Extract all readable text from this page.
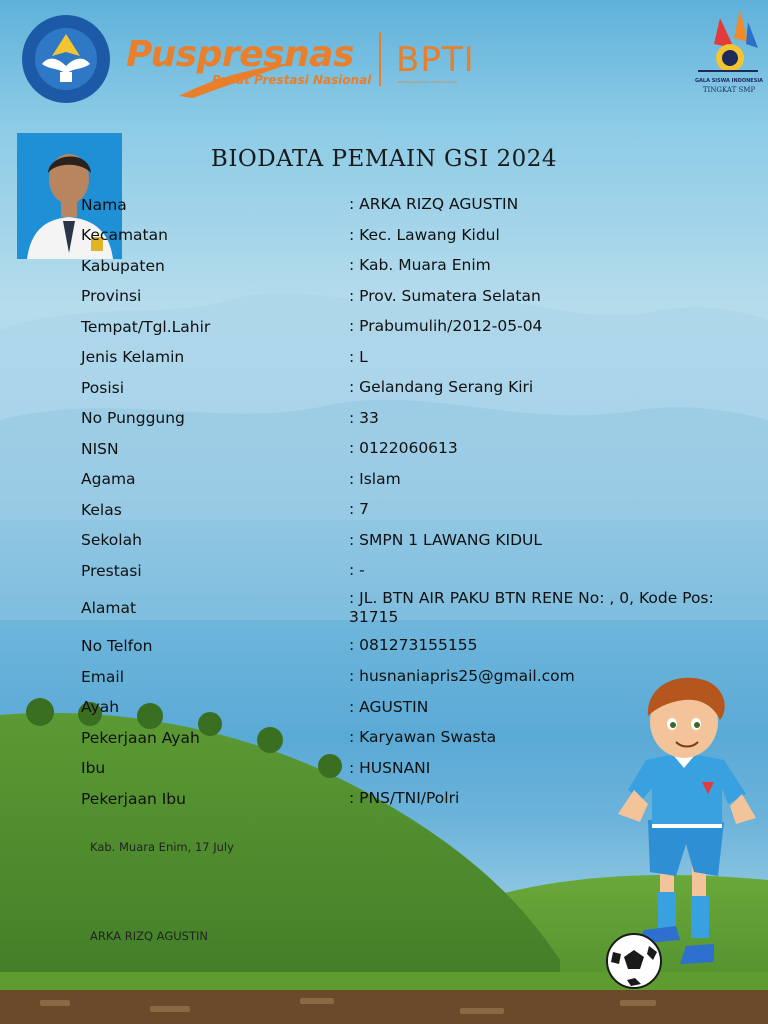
Puspresnas
Pusat Prestasi Nasional BPTI
Balai Pengembangan Talenta Indonesia	GALA SISWA INDONESIA
TINGKAT SMP
BIODATA PEMAIN GSI 2024
Nama	: ARKA RIZQ AGUSTIN
Kecamatan	: Kec. Lawang Kidul
Kabupaten	: Kab. Muara Enim
Provinsi	: Prov. Sumatera Selatan
Tempat/Tgl.Lahir	: Prabumulih/2012-05-04
Jenis Kelamin	: L
Posisi	: Gelandang Serang Kiri
No Punggung	: 33
NISN	: 0122060613
Agama	: Islam
Kelas	: 7
Sekolah	: SMPN 1 LAWANG KIDUL
Prestasi	: -
Alamat
: JL. BTN AIR PAKU BTN RENE No: , 0, Kode Pos: 31715
No Telfon	: 081273155155
Email	: husnaniapris25@gmail.com
Ayah	: AGUSTIN
Pekerjaan Ayah	: Karyawan Swasta
Ibu	: HUSNANI
Pekerjaan Ibu	: PNS/TNI/Polri
Kab. Muara Enim, 17 July
ARKA RIZQ AGUSTIN
